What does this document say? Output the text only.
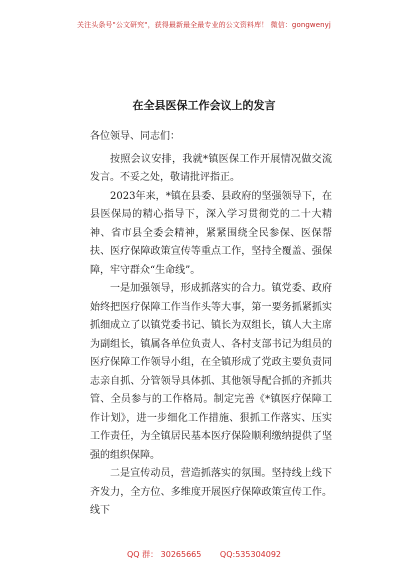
关注头条号"公文研究"，获得最新最全最专业的公文资料库！ 微信：gongwenyj
在全县医保工作会议上的发言

各位领导、同志们：

按照会议安排，我就*镇医保工作开展情况做交流发言。不妥之处，敬请批评指正。

2023年来，*镇在县委、县政府的坚强领导下，在县医保局的精心指导下，深入学习贯彻党的二十大精神、省市县全委会精神，紧紧围绕全民参保、医保帮扶、医疗保障政策宣传等重点工作，坚持全覆盖、强保障，牢守群众“生命线”。

一是加强领导，形成抓落实的合力。镇党委、政府始终把医疗保障工作当作头等大事，第一要务抓紧抓实抓细成立了以镇党委书记、镇长为双组长，镇人大主席为副组长，镇属各单位负责人、各村支部书记为组员的医疗保障工作领导小组，在全镇形成了党政主要负责同志亲自抓、分管领导具体抓、其他领导配合抓的齐抓共管、全员参与的工作格局。制定完善《*镇医疗保障工作计划》，进一步细化工作措施、狠抓工作落实、压实工作责任，为全镇居民基本医疗保险顺利缴纳提供了坚强的组织保障。

二是宣传动员，营造抓落实的氛围。坚持线上线下齐发力，全方位、多维度开展医疗保障政策宣传工作。线下

QQ 群： 30265665 QQ:535304092
